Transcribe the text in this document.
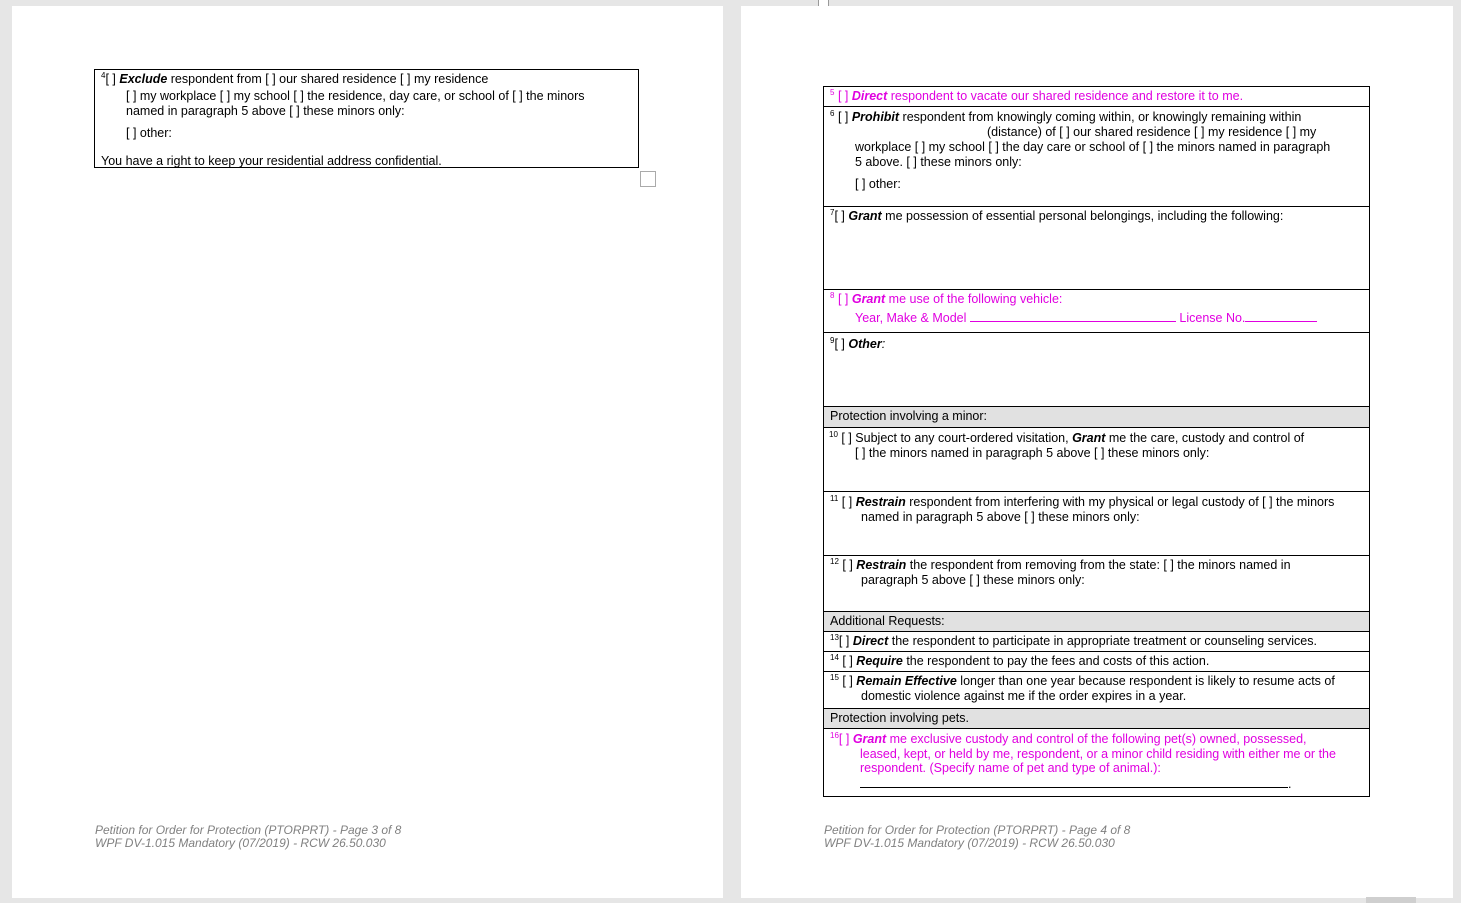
$^4$[ ] Exclude respondent from [ ] our shared residence [ ] my residence
[ ] my workplace [ ] my school [ ] the residence, day care, or school of [ ] the minors
named in paragraph 5 above [ ] these minors only:
[ ] other:
You have a right to keep your residential address confidential.
Petition for Order for Protection (PTORPRT) - Page 3 of 8
WPF DV-1.015 Mandatory (07/2019) - RCW 26.50.030
$^5$ [ ] Direct respondent to vacate our shared residence and restore it to me.
$^6$ [ ] Prohibit respondent from knowingly coming within, or knowingly remaining within
(distance) of [ ] our shared residence [ ] my residence [ ] my
workplace [ ] my school [ ] the day care or school of [ ] the minors named in paragraph
5 above. [ ] these minors only:
[ ] other:
$^7$[ ] Grant me possession of essential personal belongings, including the following:
$^8$ [ ] Grant me use of the following vehicle:
Year, Make & Model	License No.
$^9$[ ] Other:
Protection involving a minor:
$^{10}$ [ ] Subject to any court-ordered visitation, Grant me the care, custody and control of
[ ] the minors named in paragraph 5 above [ ] these minors only:
$^{11}$ [ ] Restrain respondent from interfering with my physical or legal custody of [ ] the minors
named in paragraph 5 above [ ] these minors only:
$^{12}$ [ ] Restrain the respondent from removing from the state: [ ] the minors named in
paragraph 5 above [ ] these minors only:
Additional Requests:
$^{13}$[ ] Direct the respondent to participate in appropriate treatment or counseling services.
$^{14}$ [ ] Require the respondent to pay the fees and costs of this action.
$^{15}$ [ ] Remain Effective longer than one year because respondent is likely to resume acts of
domestic violence against me if the order expires in a year.
Protection involving pets.
$^{16}$[ ] Grant me exclusive custody and control of the following pet(s) owned, possessed,
leased, kept, or held by me, respondent, or a minor child residing with either me or the
respondent. (Specify name of pet and type of animal.):
.
Petition for Order for Protection (PTORPRT) - Page 4 of 8
WPF DV-1.015 Mandatory (07/2019) - RCW 26.50.030
